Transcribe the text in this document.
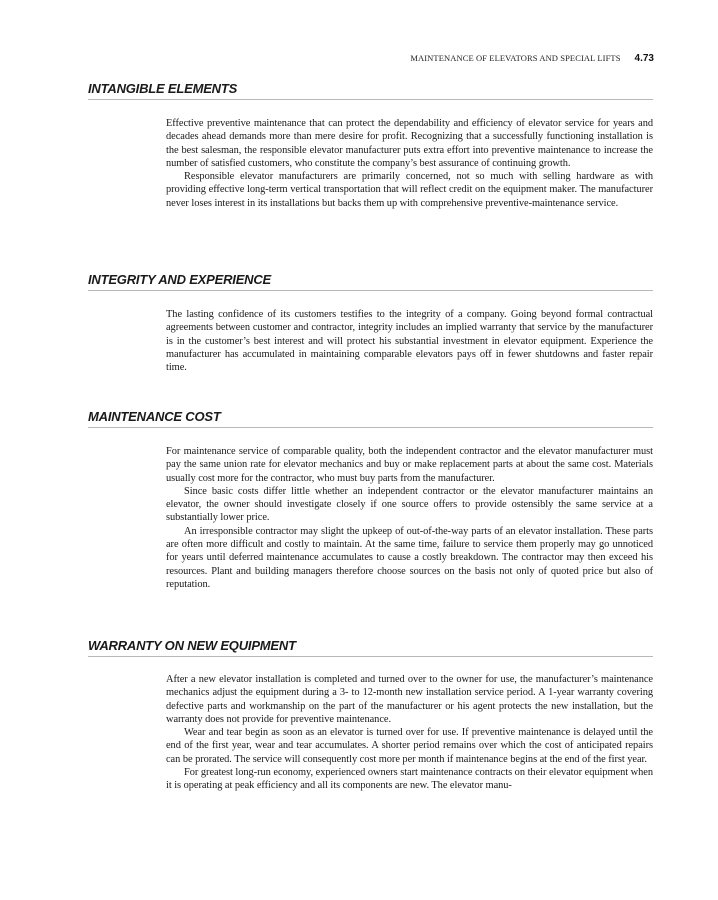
MAINTENANCE OF ELEVATORS AND SPECIAL LIFTS 4.73
INTANGIBLE ELEMENTS

Effective preventive maintenance that can protect the dependability and efficiency of elevator service for years and decades ahead demands more than mere desire for profit. Recognizing that a successfully functioning installation is the best salesman, the responsible elevator manufacturer puts extra effort into preventive maintenance to increase the number of satisfied customers, who constitute the company’s best assurance of continuing growth.

Responsible elevator manufacturers are primarily concerned, not so much with selling hardware as with providing effective long-term vertical transportation that will reflect credit on the equipment maker. The manufacturer never loses interest in its installations but backs them up with comprehensive preventive-maintenance service.

INTEGRITY AND EXPERIENCE

The lasting confidence of its customers testifies to the integrity of a company. Going beyond formal contractual agreements between customer and contractor, integrity includes an implied warranty that service by the manufacturer is in the customer’s best interest and will protect his substantial investment in elevator equipment. Experience the manufacturer has accumulated in maintaining comparable elevators pays off in fewer shutdowns and faster repair time.

MAINTENANCE COST

For maintenance service of comparable quality, both the independent contractor and the elevator manufacturer must pay the same union rate for elevator mechanics and buy or make replacement parts at about the same cost. Materials usually cost more for the contractor, who must buy parts from the manufacturer.

Since basic costs differ little whether an independent contractor or the elevator manufacturer maintains an elevator, the owner should investigate closely if one source offers to provide ostensibly the same service at a substantially lower price.

An irresponsible contractor may slight the upkeep of out-of-the-way parts of an elevator installation. These parts are often more difficult and costly to maintain. At the same time, failure to service them properly may go unnoticed for years until deferred maintenance accumulates to cause a costly breakdown. The contractor may then exceed his resources. Plant and building managers therefore choose sources on the basis not only of quoted price but also of reputation.

WARRANTY ON NEW EQUIPMENT

After a new elevator installation is completed and turned over to the owner for use, the manufacturer’s maintenance mechanics adjust the equipment during a 3- to 12-month new installation service period. A 1-year warranty covering defective parts and workmanship on the part of the manufacturer or his agent protects the new installation, but the warranty does not provide for preventive maintenance.

Wear and tear begin as soon as an elevator is turned over for use. If preventive maintenance is delayed until the end of the first year, wear and tear accumulates. A shorter period remains over which the cost of anticipated repairs can be prorated. The service will consequently cost more per month if maintenance begins at the end of the first year.

For greatest long-run economy, experienced owners start maintenance contracts on their elevator equipment when it is operating at peak efficiency and all its components are new. The elevator manu-
